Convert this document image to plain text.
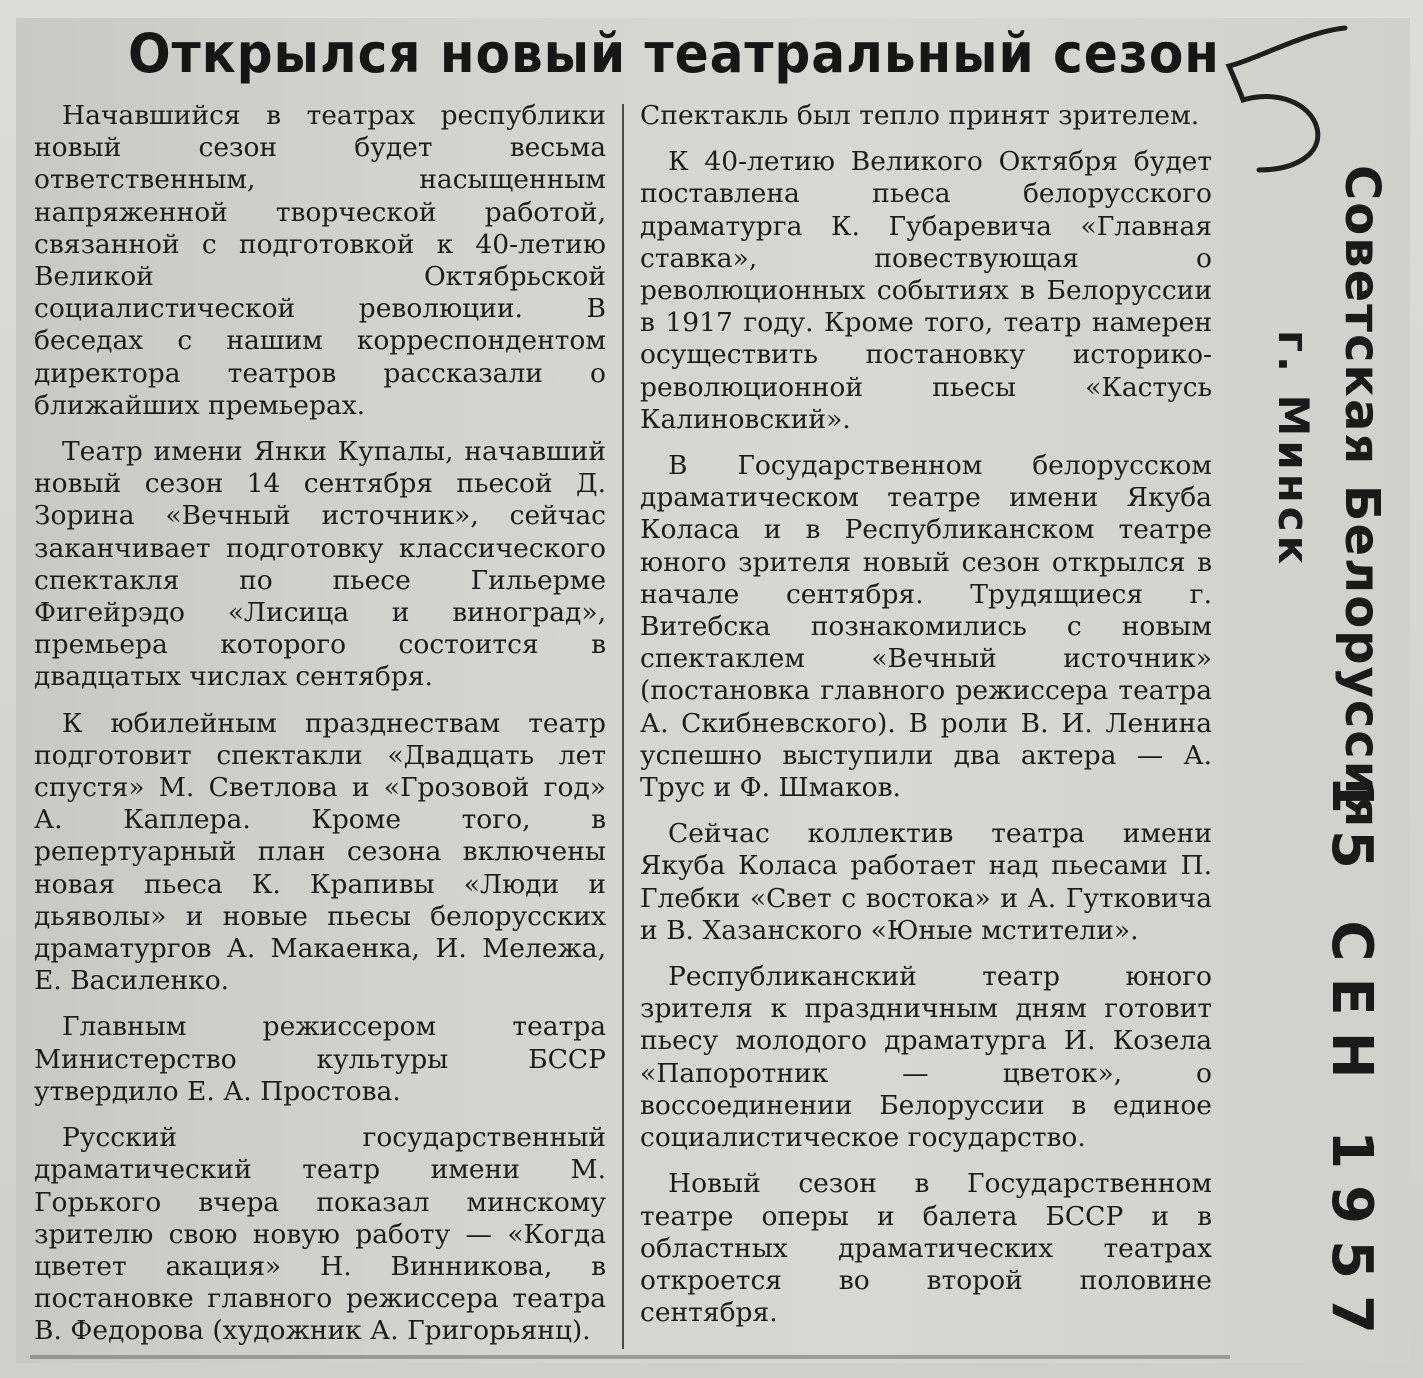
Открылся новый театральный сезон

Начавшийся в театрах республики новый сезон будет весьма ответственным, насыщенным напряженной творческой работой, связанной с подготовкой к 40-летию Великой Октябрьской социалистической революции. В беседах с нашим корреспондентом директора театров рассказали о ближайших премьерах.

Театр имени Янки Купалы, начавший новый сезон 14 сентября пьесой Д. Зорина «Вечный источник», сейчас заканчивает подготовку классического спектакля по пьесе Гильерме Фигейрэдо «Лисица и виноград», премьера которого состоится в двадцатых числах сентября.

К юбилейным празднествам театр подготовит спектакли «Двадцать лет спустя» М. Светлова и «Грозовой год» А. Каплера. Кроме того, в репертуарный план сезона включены новая пьеса К. Крапивы «Люди и дьяволы» и новые пьесы белорусских драматургов А. Макаенка, И. Мележа, Е. Василенко.

Главным режиссером театра Министерство культуры БССР утвердило Е. А. Простова.

Русский государственный драматический театр имени М. Горького вчера показал минскому зрителю свою новую работу — «Когда цветет акация» Н. Винникова, в постановке главного режиссера театра В. Федорова (художник А. Григорьянц).

Спектакль был тепло принят зрителем.

К 40-летию Великого Октября будет поставлена пьеса белорусского драматурга К. Губаревича «Главная ставка», повествующая о революционных событиях в Белоруссии в 1917 году. Кроме того, театр намерен осуществить постановку историко-революционной пьесы «Кастусь Калиновский».

В Государственном белорусском драматическом театре имени Якуба Коласа и в Республиканском театре юного зрителя новый сезон открылся в начале сентября. Трудящиеся г. Витебска познакомились с новым спектаклем «Вечный источник» (постановка главного режиссера театра А. Скибневского). В роли В. И. Ленина успешно выступили два актера — А. Трус и Ф. Шмаков.

Сейчас коллектив театра имени Якуба Коласа работает над пьесами П. Глебки «Свет с востока» и А. Гутковича и В. Хазанского «Юные мстители».

Республиканский театр юного зрителя к праздничным дням готовит пьесу молодого драматурга И. Козела «Папоротник — цветок», о воссоединении Белоруссии в единое социалистическое государство.

Новый сезон в Государственном театре оперы и балета БССР и в областных драматических театрах откроется во второй половине сентября.

Советская Белоруссия
г. Минск
15 СЕН 1957
